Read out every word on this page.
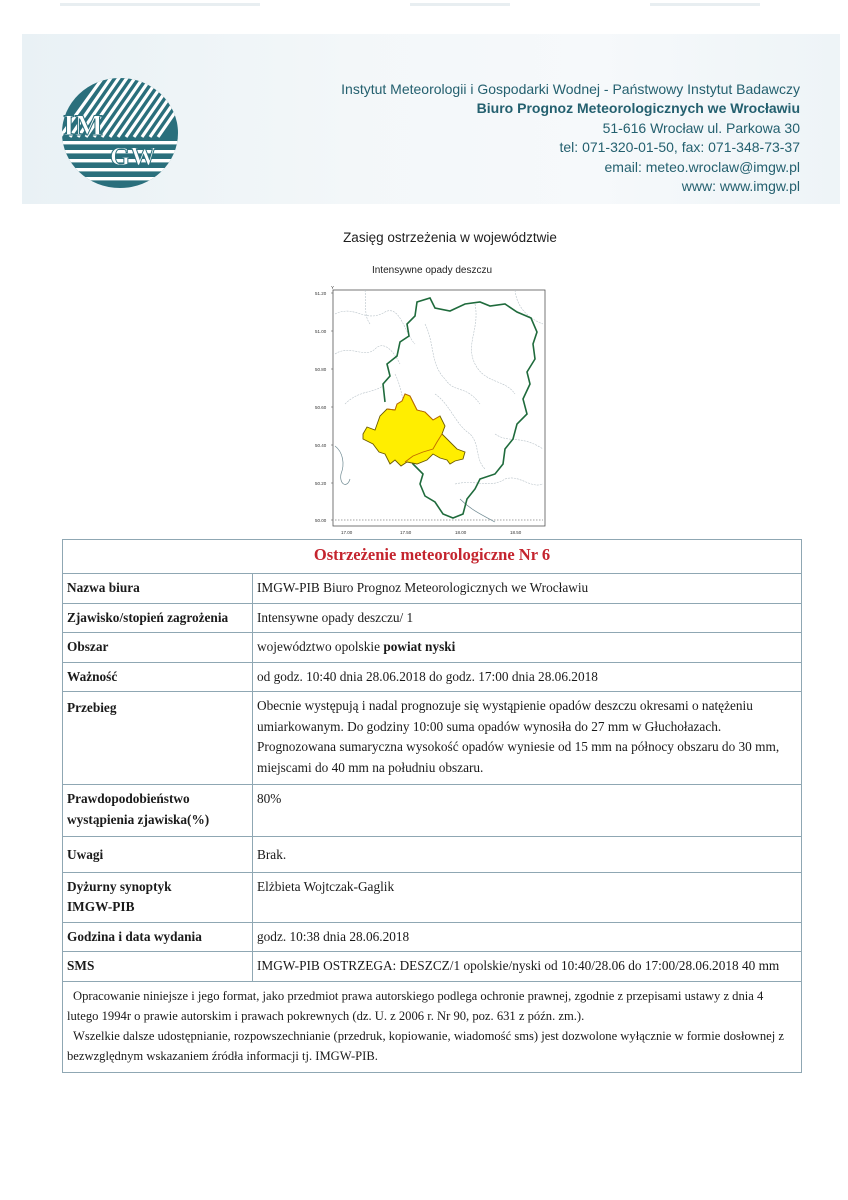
IM
GW
Instytut Meteorologii i Gospodarki Wodnej - Państwowy Instytut Badawczy
Biuro Prognoz Meteorologicznych we Wrocławiu
51-616 Wrocław ul. Parkowa 30
tel: 071-320-01-50, fax: 071-348-73-37
email: meteo.wroclaw@imgw.pl
www: www.imgw.pl
Zasięg ostrzeżenia w województwie
Intensywne opady deszczu
Y
51.20
51.00
50.80
50.60
50.40
50.20
50.00
17.00	17.50	18.00	18.50
Ostrzeżenie meteorologiczne Nr 6	
Nazwa biura	IMGW-PIB Biuro Prognoz Meteorologicznych we Wrocławiu
Zjawisko/stopień zagrożenia	Intensywne opady deszczu/ 1
Obszar	województwo opolskie powiat nyski
Ważność	od godz. 10:40 dnia 28.06.2018 do godz. 17:00 dnia 28.06.2018
Przebieg	Obecnie występują i nadal prognozuje się wystąpienie opadów deszczu okresami o natężeniu umiarkowanym. Do godziny 10:00 suma opadów wynosiła do 27 mm w Głuchołazach. Prognozowana sumaryczna wysokość opadów wyniesie od 15 mm na północy obszaru do 30 mm, miejscami do 40 mm na południu obszaru.
Prawdopodobieństwo wystąpienia zjawiska(%)	80%
Uwagi	Brak.
Dyżurny synoptyk IMGW-PIB	Elżbieta Wojtczak-Gaglik
Godzina i data wydania	godz. 10:38 dnia 28.06.2018
SMS	IMGW-PIB OSTRZEGA: DESZCZ/1 opolskie/nyski od 10:40/28.06 do 17:00/28.06.2018 40 mm

Opracowanie niniejsze i jego format, jako przedmiot prawa autorskiego podlega ochronie prawnej, zgodnie z przepisami ustawy z dnia 4 lutego 1994r o prawie autorskim i prawach pokrewnych (dz. U. z 2006 r. Nr 90, poz. 631 z późn. zm.).
Wszelkie dalsze udostępnianie, rozpowszechnianie (przedruk, kopiowanie, wiadomość sms) jest dozwolone wyłącznie w formie dosłownej z bezwzględnym wskazaniem źródła informacji tj. IMGW-PIB.	
